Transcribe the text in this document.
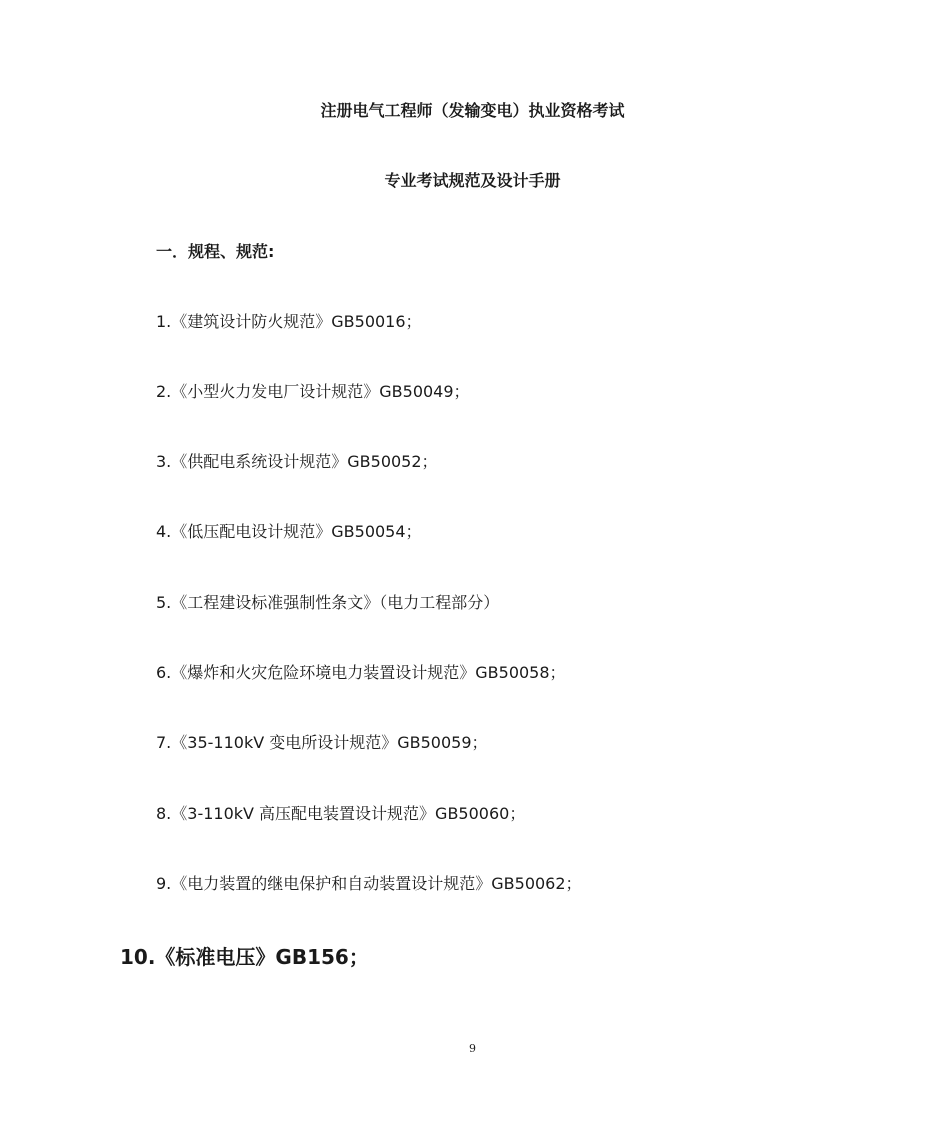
注册电气工程师（发输变电）执业资格考试
专业考试规范及设计手册
一．规程、规范:
1.《建筑设计防火规范》GB50016；
2.《小型火力发电厂设计规范》GB50049；
3.《供配电系统设计规范》GB50052；
4.《低压配电设计规范》GB50054；
5.《工程建设标准强制性条文》（电力工程部分）
6.《爆炸和火灾危险环境电力装置设计规范》GB50058；
7.《35-110kV 变电所设计规范》GB50059；
8.《3-110kV 高压配电装置设计规范》GB50060；
9.《电力装置的继电保护和自动装置设计规范》GB50062；
10.《标准电压》GB156；
9
